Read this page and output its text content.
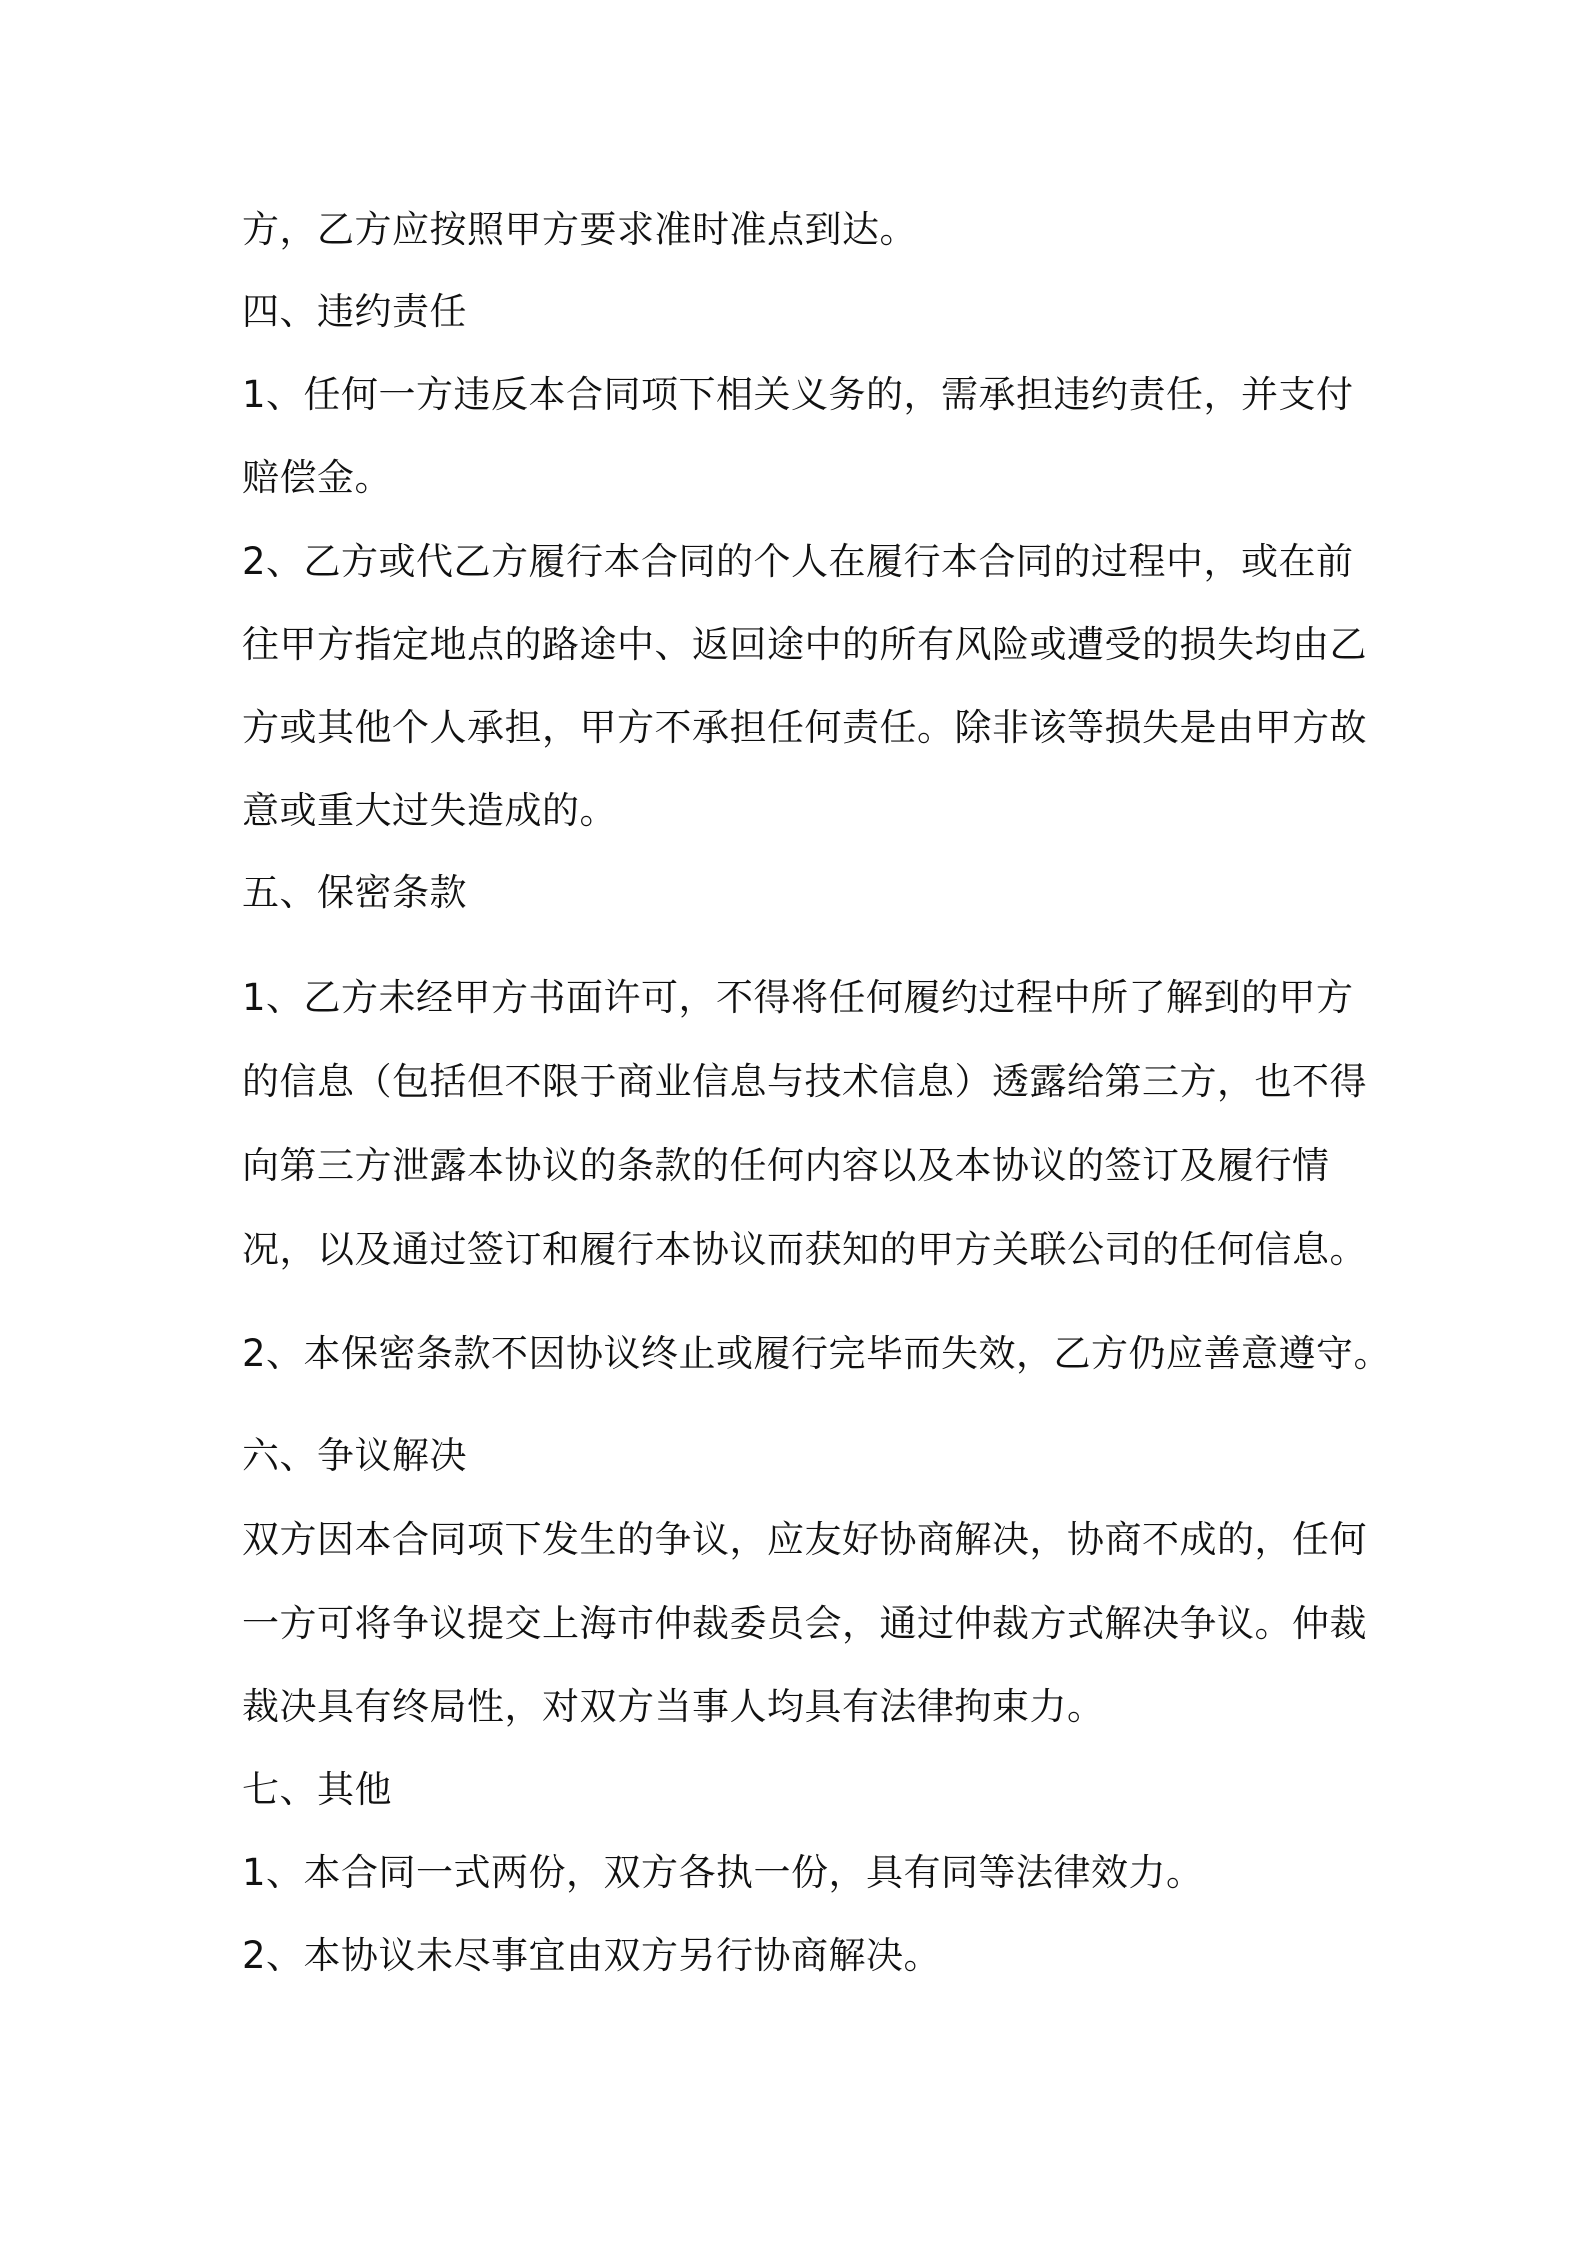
方，乙方应按照甲方要求准时准点到达。
四、违约责任
1、任何一方违反本合同项下相关义务的，需承担违约责任，并支付
赔偿金。
2、乙方或代乙方履行本合同的个人在履行本合同的过程中，或在前
往甲方指定地点的路途中、返回途中的所有风险或遭受的损失均由乙
方或其他个人承担，甲方不承担任何责任。除非该等损失是由甲方故
意或重大过失造成的。
五、保密条款
1、乙方未经甲方书面许可，不得将任何履约过程中所了解到的甲方
的信息（包括但不限于商业信息与技术信息）透露给第三方，也不得
向第三方泄露本协议的条款的任何内容以及本协议的签订及履行情
况，以及通过签订和履行本协议而获知的甲方关联公司的任何信息。
2、本保密条款不因协议终止或履行完毕而失效，乙方仍应善意遵守。
六、争议解决
双方因本合同项下发生的争议，应友好协商解决，协商不成的，任何
一方可将争议提交上海市仲裁委员会，通过仲裁方式解决争议。仲裁
裁决具有终局性，对双方当事人均具有法律拘束力。
七、其他
1、本合同一式两份，双方各执一份，具有同等法律效力。
2、本协议未尽事宜由双方另行协商解决。
